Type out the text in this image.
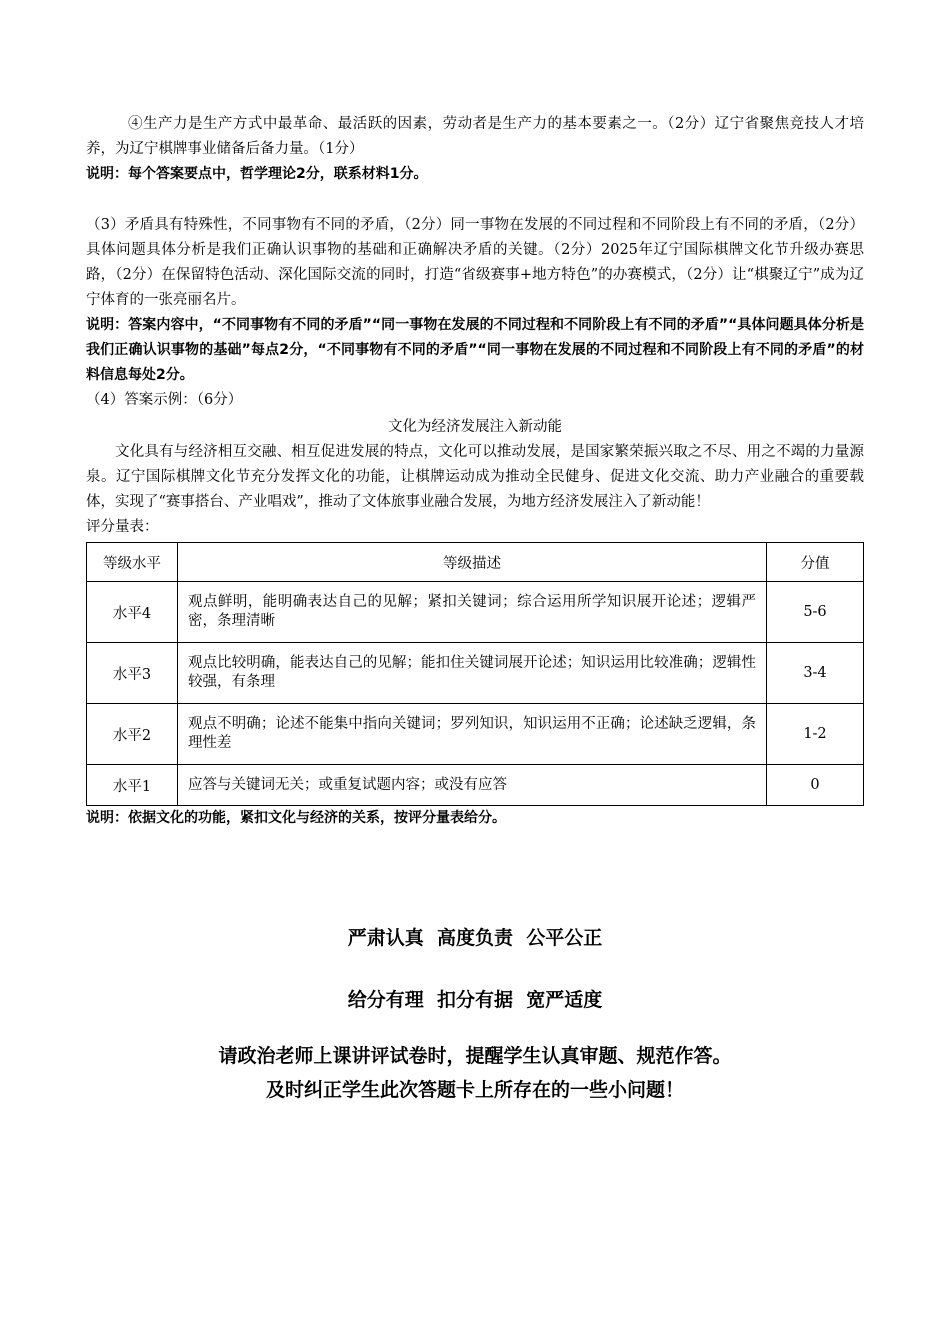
④生产力是生产方式中最革命、最活跃的因素，劳动者是生产力的基本要素之一。（2分）辽宁省聚焦竞技人才培养，为辽宁棋牌事业储备后备力量。（1分）

说明：每个答案要点中，哲学理论2分，联系材料1分。

（3）矛盾具有特殊性，不同事物有不同的矛盾，（2分）同一事物在发展的不同过程和不同阶段上有不同的矛盾，（2分）具体问题具体分析是我们正确认识事物的基础和正确解决矛盾的关键。（2分）2025年辽宁国际棋牌文化节升级办赛思路，（2分）在保留特色活动、深化国际交流的同时，打造“省级赛事+地方特色”的办赛模式，（2分）让“棋聚辽宁”成为辽宁体育的一张亮丽名片。

说明：答案内容中，“不同事物有不同的矛盾”“同一事物在发展的不同过程和不同阶段上有不同的矛盾”“具体问题具体分析是我们正确认识事物的基础”每点2分，“不同事物有不同的矛盾”“同一事物在发展的不同过程和不同阶段上有不同的矛盾”的材料信息每处2分。

（4）答案示例：（6分）

文化为经济发展注入新动能

文化具有与经济相互交融、相互促进发展的特点，文化可以推动发展，是国家繁荣振兴取之不尽、用之不竭的力量源泉。辽宁国际棋牌文化节充分发挥文化的功能，让棋牌运动成为推动全民健身、促进文化交流、助力产业融合的重要载体，实现了“赛事搭台、产业唱戏”，推动了文体旅事业融合发展，为地方经济发展注入了新动能！

评分量表：

等级水平	等级描述	分值
水平4	观点鲜明，能明确表达自己的见解；紧扣关键词；综合运用所学知识展开论述；逻辑严密，条理清晰	5-6
水平3	观点比较明确，能表达自己的见解；能扣住关键词展开论述；知识运用比较准确；逻辑性较强，有条理	3-4
水平2	观点不明确；论述不能集中指向关键词；罗列知识，知识运用不正确；论述缺乏逻辑，条理性差	1-2
水平1	应答与关键词无关；或重复试题内容；或没有应答	0

说明：依据文化的功能，紧扣文化与经济的关系，按评分量表给分。

严肃认真  高度负责  公平公正

给分有理  扣分有据  宽严适度

请政治老师上课讲评试卷时，提醒学生认真审题、规范作答。

及时纠正学生此次答题卡上所存在的一些小问题！
